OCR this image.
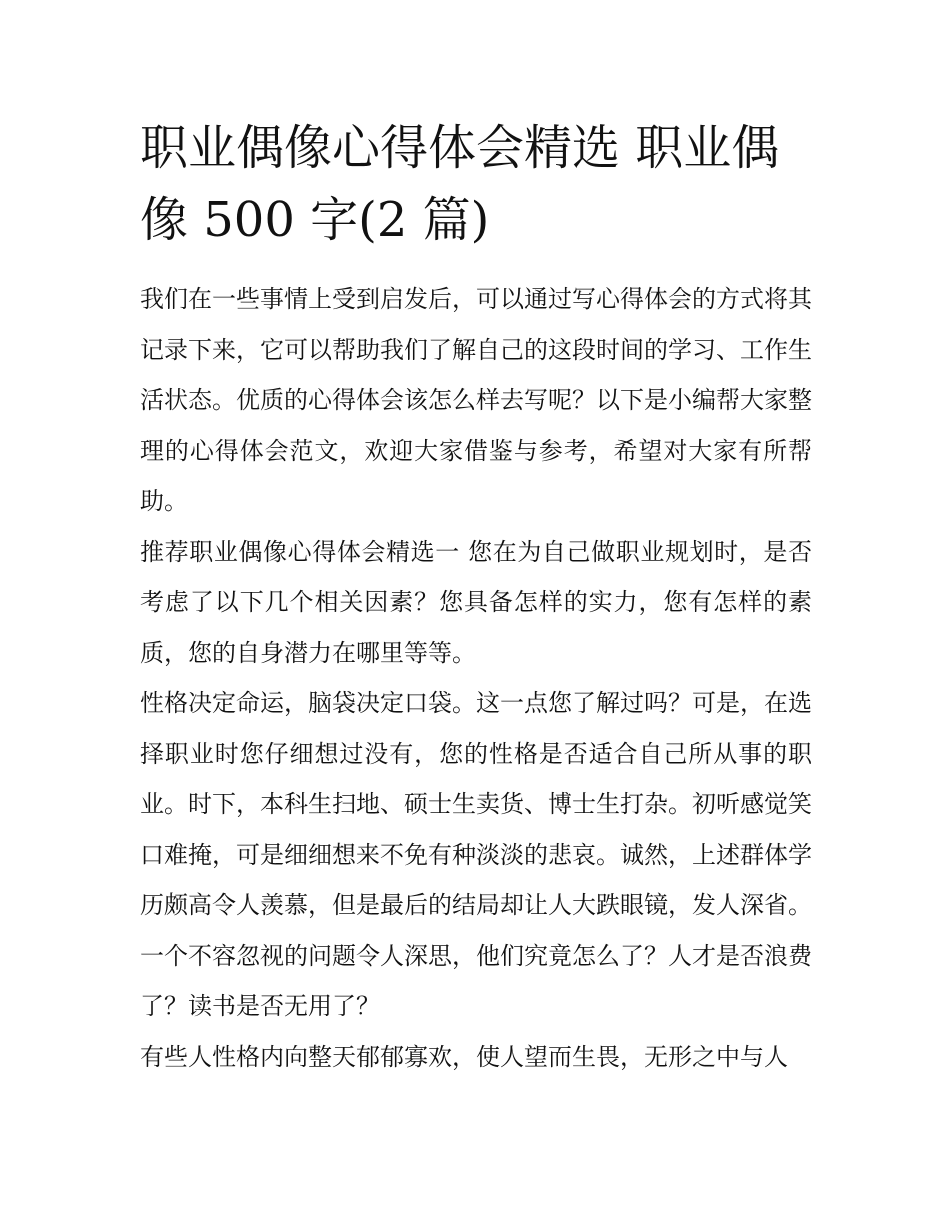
职业偶像心得体会精选 职业偶像 500 字(2 篇)

我们在一些事情上受到启发后，可以通过写心得体会的方式将其记录下来，它可以帮助我们了解自己的这段时间的学习、工作生活状态。优质的心得体会该怎么样去写呢？以下是小编帮大家整理的心得体会范文，欢迎大家借鉴与参考，希望对大家有所帮助。

推荐职业偶像心得体会精选一 您在为自己做职业规划时，是否考虑了以下几个相关因素？您具备怎样的实力，您有怎样的素质，您的自身潜力在哪里等等。

性格决定命运，脑袋决定口袋。这一点您了解过吗？可是，在选择职业时您仔细想过没有，您的性格是否适合自己所从事的职业。时下，本科生扫地、硕士生卖货、博士生打杂。初听感觉笑口难掩，可是细细想来不免有种淡淡的悲哀。诚然，上述群体学历颇高令人羡慕，但是最后的结局却让人大跌眼镜，发人深省。一个不容忽视的问题令人深思，他们究竟怎么了？人才是否浪费了？读书是否无用了？

有些人性格内向整天郁郁寡欢，使人望而生畏，无形之中与人
